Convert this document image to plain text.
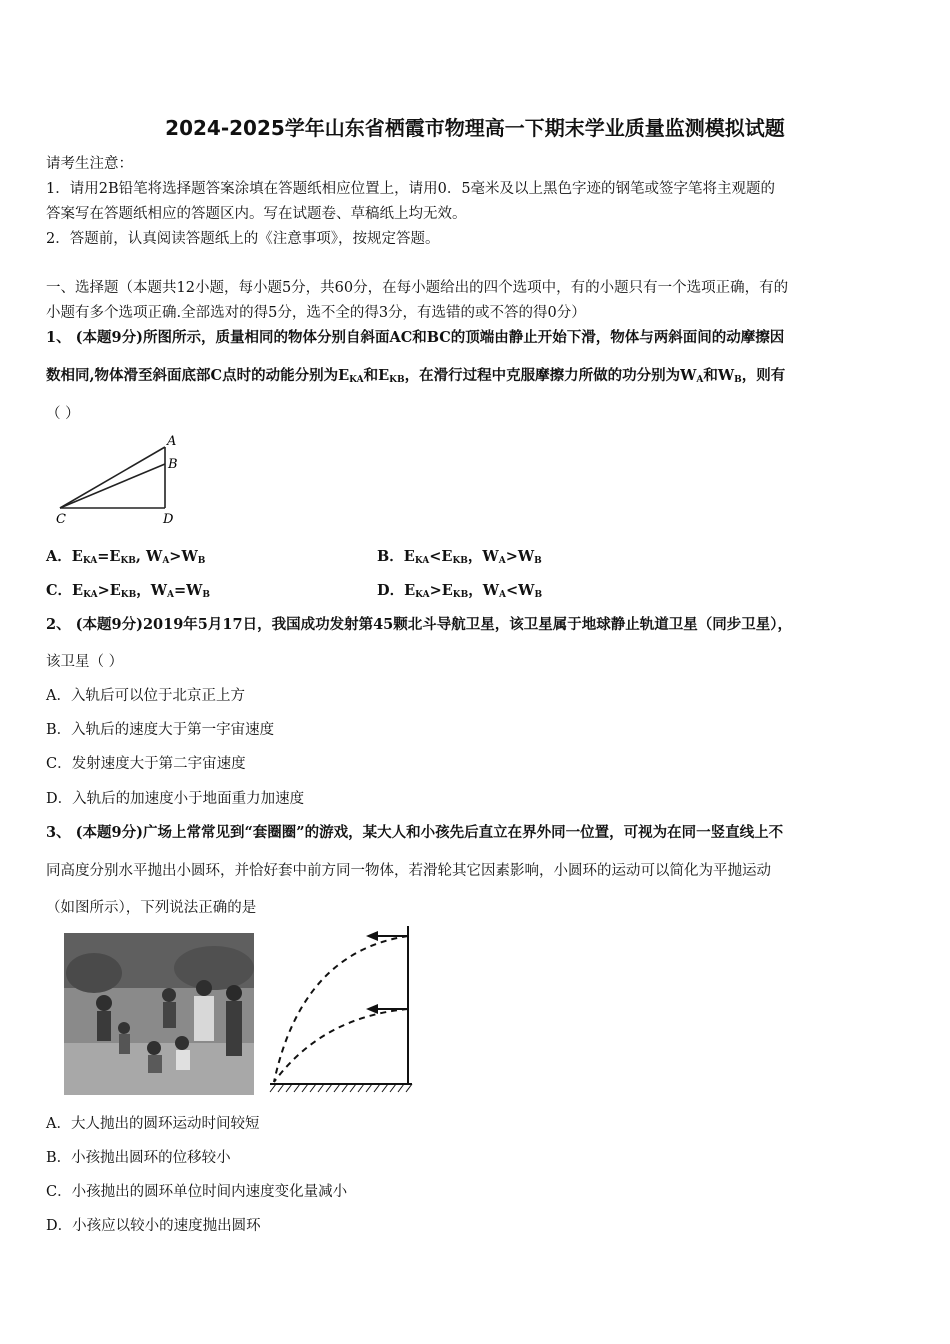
2024-2025学年山东省栖霞市物理高一下期末学业质量监测模拟试题
请考生注意：
1．请用2B铅笔将选择题答案涂填在答题纸相应位置上，请用0．5毫米及以上黑色字迹的钢笔或签字笔将主观题的
答案写在答题纸相应的答题区内。写在试题卷、草稿纸上均无效。
2．答题前，认真阅读答题纸上的《注意事项》，按规定答题。
一、选择题（本题共12小题，每小题5分，共60分，在每小题给出的四个选项中，有的小题只有一个选项正确，有的
小题有多个选项正确.全部选对的得5分，选不全的得3分，有选错的或不答的得0分）
1、 (本题9分)所图所示，质量相同的物体分别自斜面AC和BC的顶端由静止开始下滑，物体与两斜面间的动摩擦因
数相同,物体滑至斜面底部C点时的动能分别为$E_{KA}$和$E_{KB}$，在滑行过程中克服摩擦力所做的功分别为$W_A$和$W_B$，则有
（ ）
A
B
C	D
A．$E_{KA}=E_{KB}$, $W_A>W_B$	B．$E_{KA}<E_{KB}$，$W_A>W_B$
C．$E_{KA}>E_{KB}$，$W_A=W_B$	D．$E_{KA}>E_{KB}$，$W_A<W_B$
2、 (本题9分)2019年5月17日，我国成功发射第45颗北斗导航卫星，该卫星属于地球静止轨道卫星（同步卫星），
该卫星（ ）
A．入轨后可以位于北京正上方
B．入轨后的速度大于第一宇宙速度
C．发射速度大于第二宇宙速度
D．入轨后的加速度小于地面重力加速度
3、 (本题9分)广场上常常见到“套圈圈”的游戏，某大人和小孩先后直立在界外同一位置，可视为在同一竖直线上不
同高度分别水平抛出小圆环，并恰好套中前方同一物体，若滑轮其它因素影响，小圆环的运动可以简化为平抛运动
（如图所示），下列说法正确的是
A．大人抛出的圆环运动时间较短
B．小孩抛出圆环的位移较小
C．小孩抛出的圆环单位时间内速度变化量减小
D．小孩应以较小的速度抛出圆环
